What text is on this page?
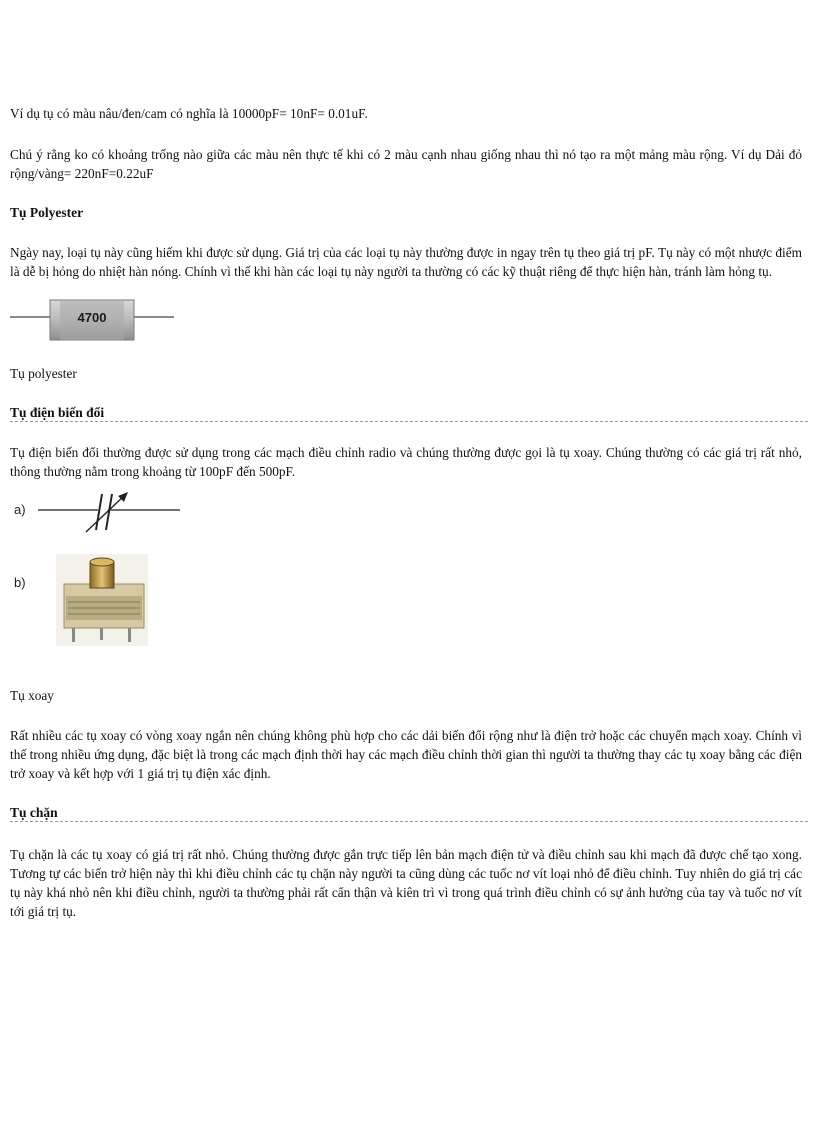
Ví dụ tụ có màu nâu/đen/cam có nghĩa là 10000pF= 10nF= 0.01uF.

Chú ý rằng ko có khoảng trống nào giữa các màu nên thực tế khi có 2 màu cạnh nhau giống nhau thì nó tạo ra một mảng màu rộng. Ví dụ Dải đỏ rộng/vàng= 220nF=0.22uF

Tụ Polyester

Ngày nay, loại tụ này cũng hiếm khi được sử dụng. Giá trị của các loại tụ này thường được in ngay trên tụ theo giá trị pF. Tụ này có một nhược điểm là dễ bị hỏng do nhiệt hàn nóng. Chính vì thế khi hàn các loại tụ này người ta thường có các kỹ thuật riêng để thực hiện hàn, tránh làm hỏng tụ.

4700

Tụ polyester

Tụ điện biến đổi

Tụ điện biến đổi thường được sử dụng trong các mạch điều chỉnh radio và chúng thường được gọi là tụ xoay. Chúng thường có các giá trị rất nhỏ, thông thường nằm trong khoảng từ 100pF đến 500pF.

a)
b)

Tụ xoay

Rất nhiều các tụ xoay có vòng xoay ngắn nên chúng không phù hợp cho các dải biến đổi rộng như là điện trở hoặc các chuyển mạch xoay. Chính vì thế trong nhiều ứng dụng, đặc biệt là trong các mạch định thời hay các mạch điều chỉnh thời gian thì người ta thường thay các tụ xoay bằng các điện trở xoay và kết hợp với 1 giá trị tụ điện xác định.

Tụ chặn

Tụ chặn là các tụ xoay có giá trị rất nhỏ. Chúng thường được gắn trực tiếp lên bản mạch điện tử và điều chỉnh sau khi mạch đã được chế tạo xong. Tương tự các biến trở hiện này thì khi điều chỉnh các tụ chặn này người ta cũng dùng các tuốc nơ vít loại nhỏ để điều chỉnh. Tuy nhiên do giá trị các tụ này khá nhỏ nên khi điều chỉnh, người ta thường phải rất cẩn thận và kiên trì vì trong quá trình điều chỉnh có sự ảnh hưởng của tay và tuốc nơ vít tới giá trị tụ.
